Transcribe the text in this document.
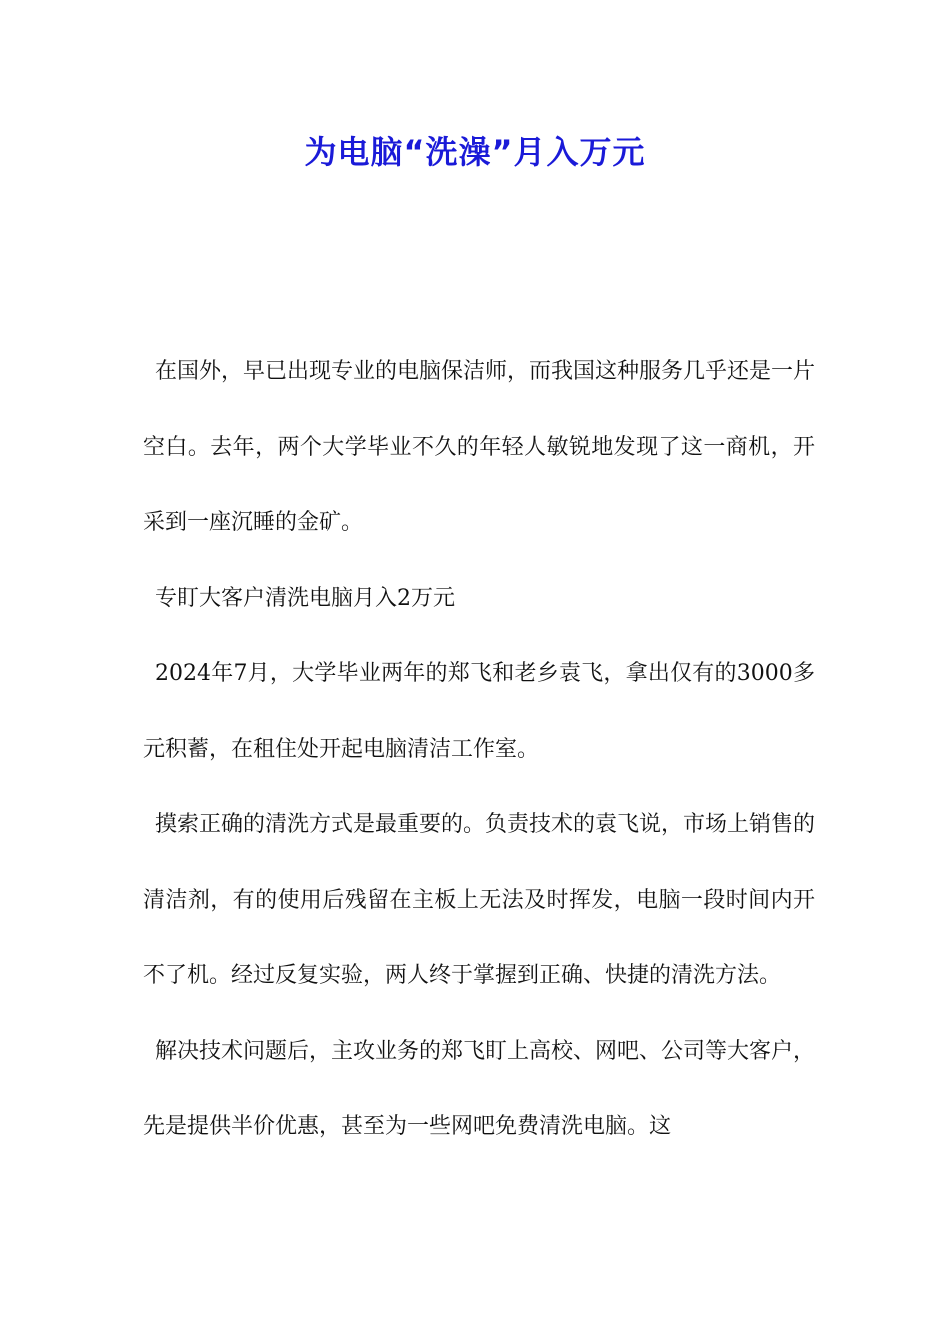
为电脑“洗澡”月入万元

在国外，早已出现专业的电脑保洁师，而我国这种服务几乎还是一片空白。去年，两个大学毕业不久的年轻人敏锐地发现了这一商机，开采到一座沉睡的金矿。

专盯大客户清洗电脑月入2万元

2024年7月，大学毕业两年的郑飞和老乡袁飞，拿出仅有的3000多元积蓄，在租住处开起电脑清洁工作室。

摸索正确的清洗方式是最重要的。负责技术的袁飞说，市场上销售的清洁剂，有的使用后残留在主板上无法及时挥发，电脑一段时间内开不了机。经过反复实验，两人终于掌握到正确、快捷的清洗方法。

解决技术问题后，主攻业务的郑飞盯上高校、网吧、公司等大客户，先是提供半价优惠，甚至为一些网吧免费清洗电脑。这
